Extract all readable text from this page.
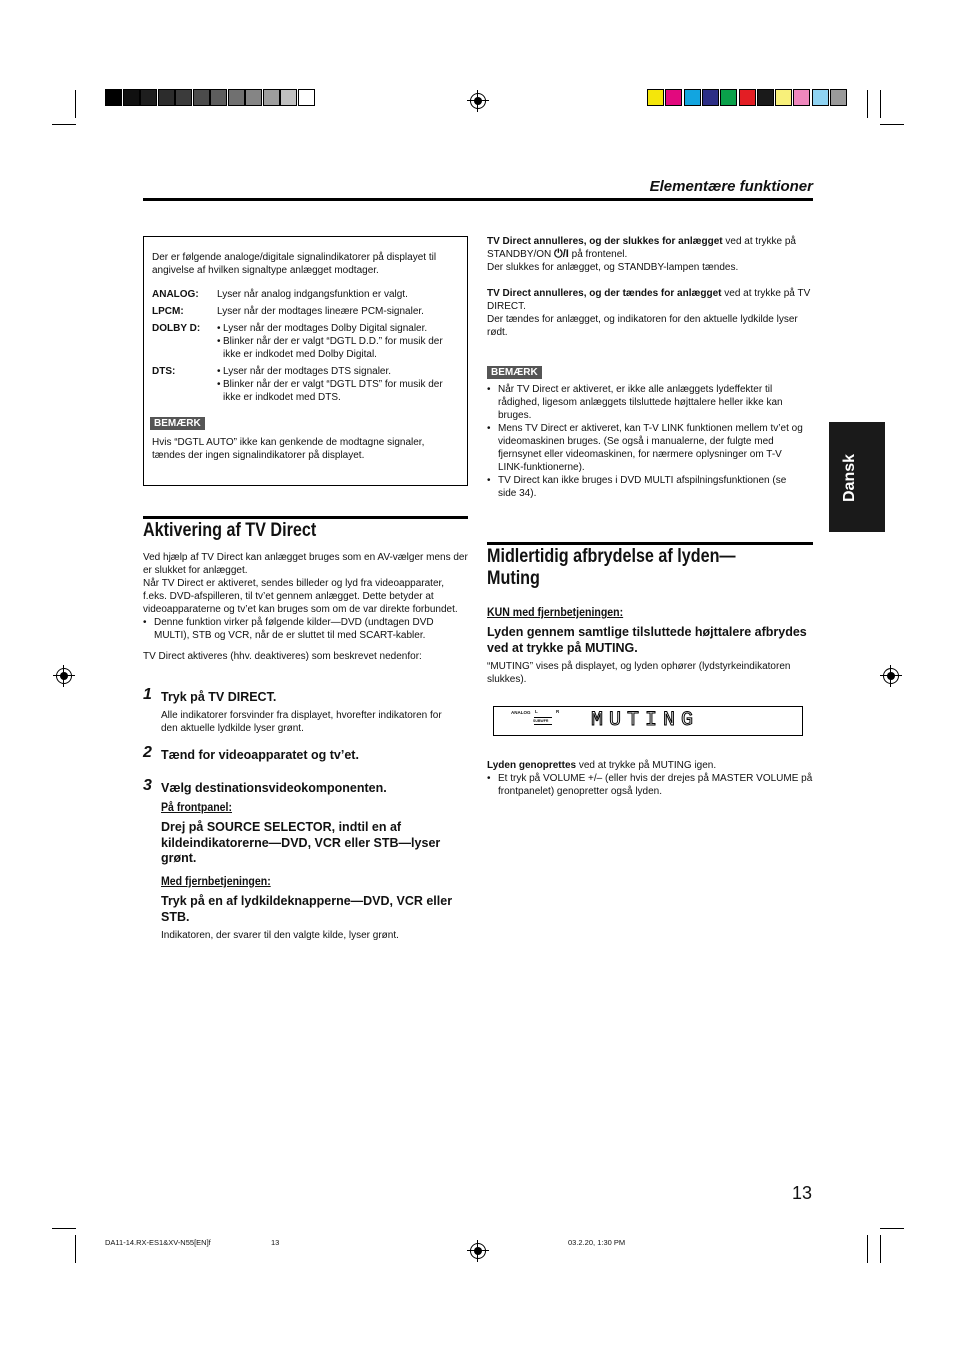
Elementære funktioner
Dansk
Der er følgende analoge/digitale signalindikatorer på displayet til angivelse af hvilken signaltype anlægget modtager.
ANALOG:	Lyser når analog indgangsfunktion er valgt.
LPCM:	Lyser når der modtages lineære PCM-signaler.
DOLBY D:	• Lyser når der modtages Dolby Digital signaler.
• Blinker når der er valgt “DGTL D.D.” for musik der ikke er indkodet med Dolby Digital.
DTS:	• Lyser når der modtages DTS signaler.
• Blinker når der er valgt “DGTL DTS” for musik der ikke er indkodet med DTS.
BEMÆRK
Hvis “DGTL AUTO” ikke kan genkende de modtagne signaler, tændes der ingen signalindikatorer på displayet.
Aktivering af TV Direct
Ved hjælp af TV Direct kan anlægget bruges som en AV-vælger mens der er slukket for anlægget.
Når TV Direct er aktiveret, sendes billeder og lyd fra videoapparater, f.eks. DVD-afspilleren, til tv’et gennem anlægget. Dette betyder at videoapparaterne og tv’et kan bruges som om de var direkte forbundet.
• Denne funktion virker på følgende kilder—DVD (undtagen DVD MULTI), STB og VCR, når de er sluttet til med SCART-kabler.
TV Direct aktiveres (hhv. deaktiveres) som beskrevet nedenfor:
1 Tryk på TV DIRECT.
Alle indikatorer forsvinder fra displayet, hvorefter indikatoren for den aktuelle lydkilde lyser grønt.
2 Tænd for videoapparatet og tv’et.
3 Vælg destinationsvideokomponenten.
På frontpanel:
Drej på SOURCE SELECTOR, indtil en af kildeindikatorerne—DVD, VCR eller STB—lyser grønt.
Med fjernbetjeningen:
Tryk på en af lydkildeknapperne—DVD, VCR eller STB.
Indikatoren, der svarer til den valgte kilde, lyser grønt.
TV Direct annulleres, og der slukkes for anlægget ved at trykke på STANDBY/ON ⏻/I på frontenel.
Der slukkes for anlægget, og STANDBY-lampen tændes.
TV Direct annulleres, og der tændes for anlægget ved at trykke på TV DIRECT.
Der tændes for anlægget, og indikatoren for den aktuelle lydkilde lyser rødt.
BEMÆRK
• Når TV Direct er aktiveret, er ikke alle anlæggets lydeffekter til rådighed, ligesom anlæggets tilsluttede højttalere heller ikke kan bruges.
• Mens TV Direct er aktiveret, kan T-V LINK funktionen mellem tv’et og videomaskinen bruges. (Se også i manualerne, der fulgte med fjernsynet eller videomaskinen, for nærmere oplysninger om T-V LINK-funktionerne).
• TV Direct kan ikke bruges i DVD MULTI afspilningsfunktionen (se side 34).
Midlertidig afbrydelse af lyden—
Muting
KUN med fjernbetjeningen:
Lyden gennem samtlige tilsluttede højttalere afbrydes ved at trykke på MUTING.
“MUTING” vises på displayet, og lyden ophører (lydstyrkeindikatoren slukkes).
ANALOG L	R
SUBWFR MUTING
Lyden genoprettes ved at trykke på MUTING igen.
• Et tryk på VOLUME +/– (eller hvis der drejes på MASTER VOLUME på frontpanelet) genopretter også lyden.
13
DA11-14.RX-ES1&XV-N55[EN]f	13	03.2.20, 1:30 PM
